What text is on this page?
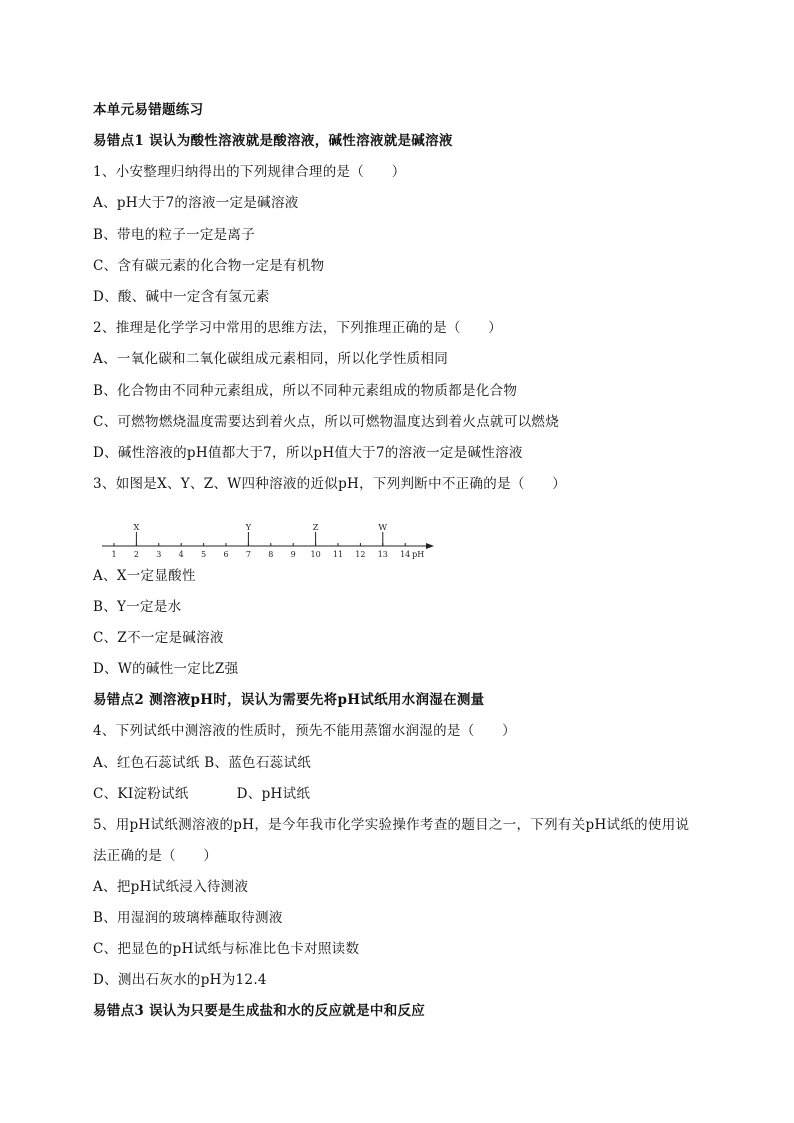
本单元易错题练习
易错点1 误认为酸性溶液就是酸溶液，碱性溶液就是碱溶液
1、小安整理归纳得出的下列规律合理的是（　　）
A、pH大于7的溶液一定是碱溶液
B、带电的粒子一定是离子
C、含有碳元素的化合物一定是有机物
D、酸、碱中一定含有氢元素
2、推理是化学学习中常用的思维方法，下列推理正确的是（　　）
A、一氧化碳和二氧化碳组成元素相同，所以化学性质相同
B、化合物由不同种元素组成，所以不同种元素组成的物质都是化合物
C、可燃物燃烧温度需要达到着火点，所以可燃物温度达到着火点就可以燃烧
D、碱性溶液的pH值都大于7，所以pH值大于7的溶液一定是碱性溶液
3、如图是X、Y、Z、W四种溶液的近似pH，下列判断中不正确的是（　　）
1 2 3 4 5 6 7 8 9 10 11 12 13 14 pH
X	Y	Z	W
A、X一定显酸性
B、Y一定是水
C、Z不一定是碱溶液
D、W的碱性一定比Z强
易错点2 测溶液pH时，误认为需要先将pH试纸用水润湿在测量
4、下列试纸中测溶液的性质时，预先不能用蒸馏水润湿的是（　　）
A、红色石蕊试纸 B、蓝色石蕊试纸
C、KI淀粉试纸	D、pH试纸
5、用pH试纸测溶液的pH，是今年我市化学实验操作考查的题目之一，下列有关pH试纸的使用说法正确的是（　　）
A、把pH试纸浸入待测液
B、用湿润的玻璃棒蘸取待测液
C、把显色的pH试纸与标准比色卡对照读数
D、测出石灰水的pH为12.4
易错点3 误认为只要是生成盐和水的反应就是中和反应
